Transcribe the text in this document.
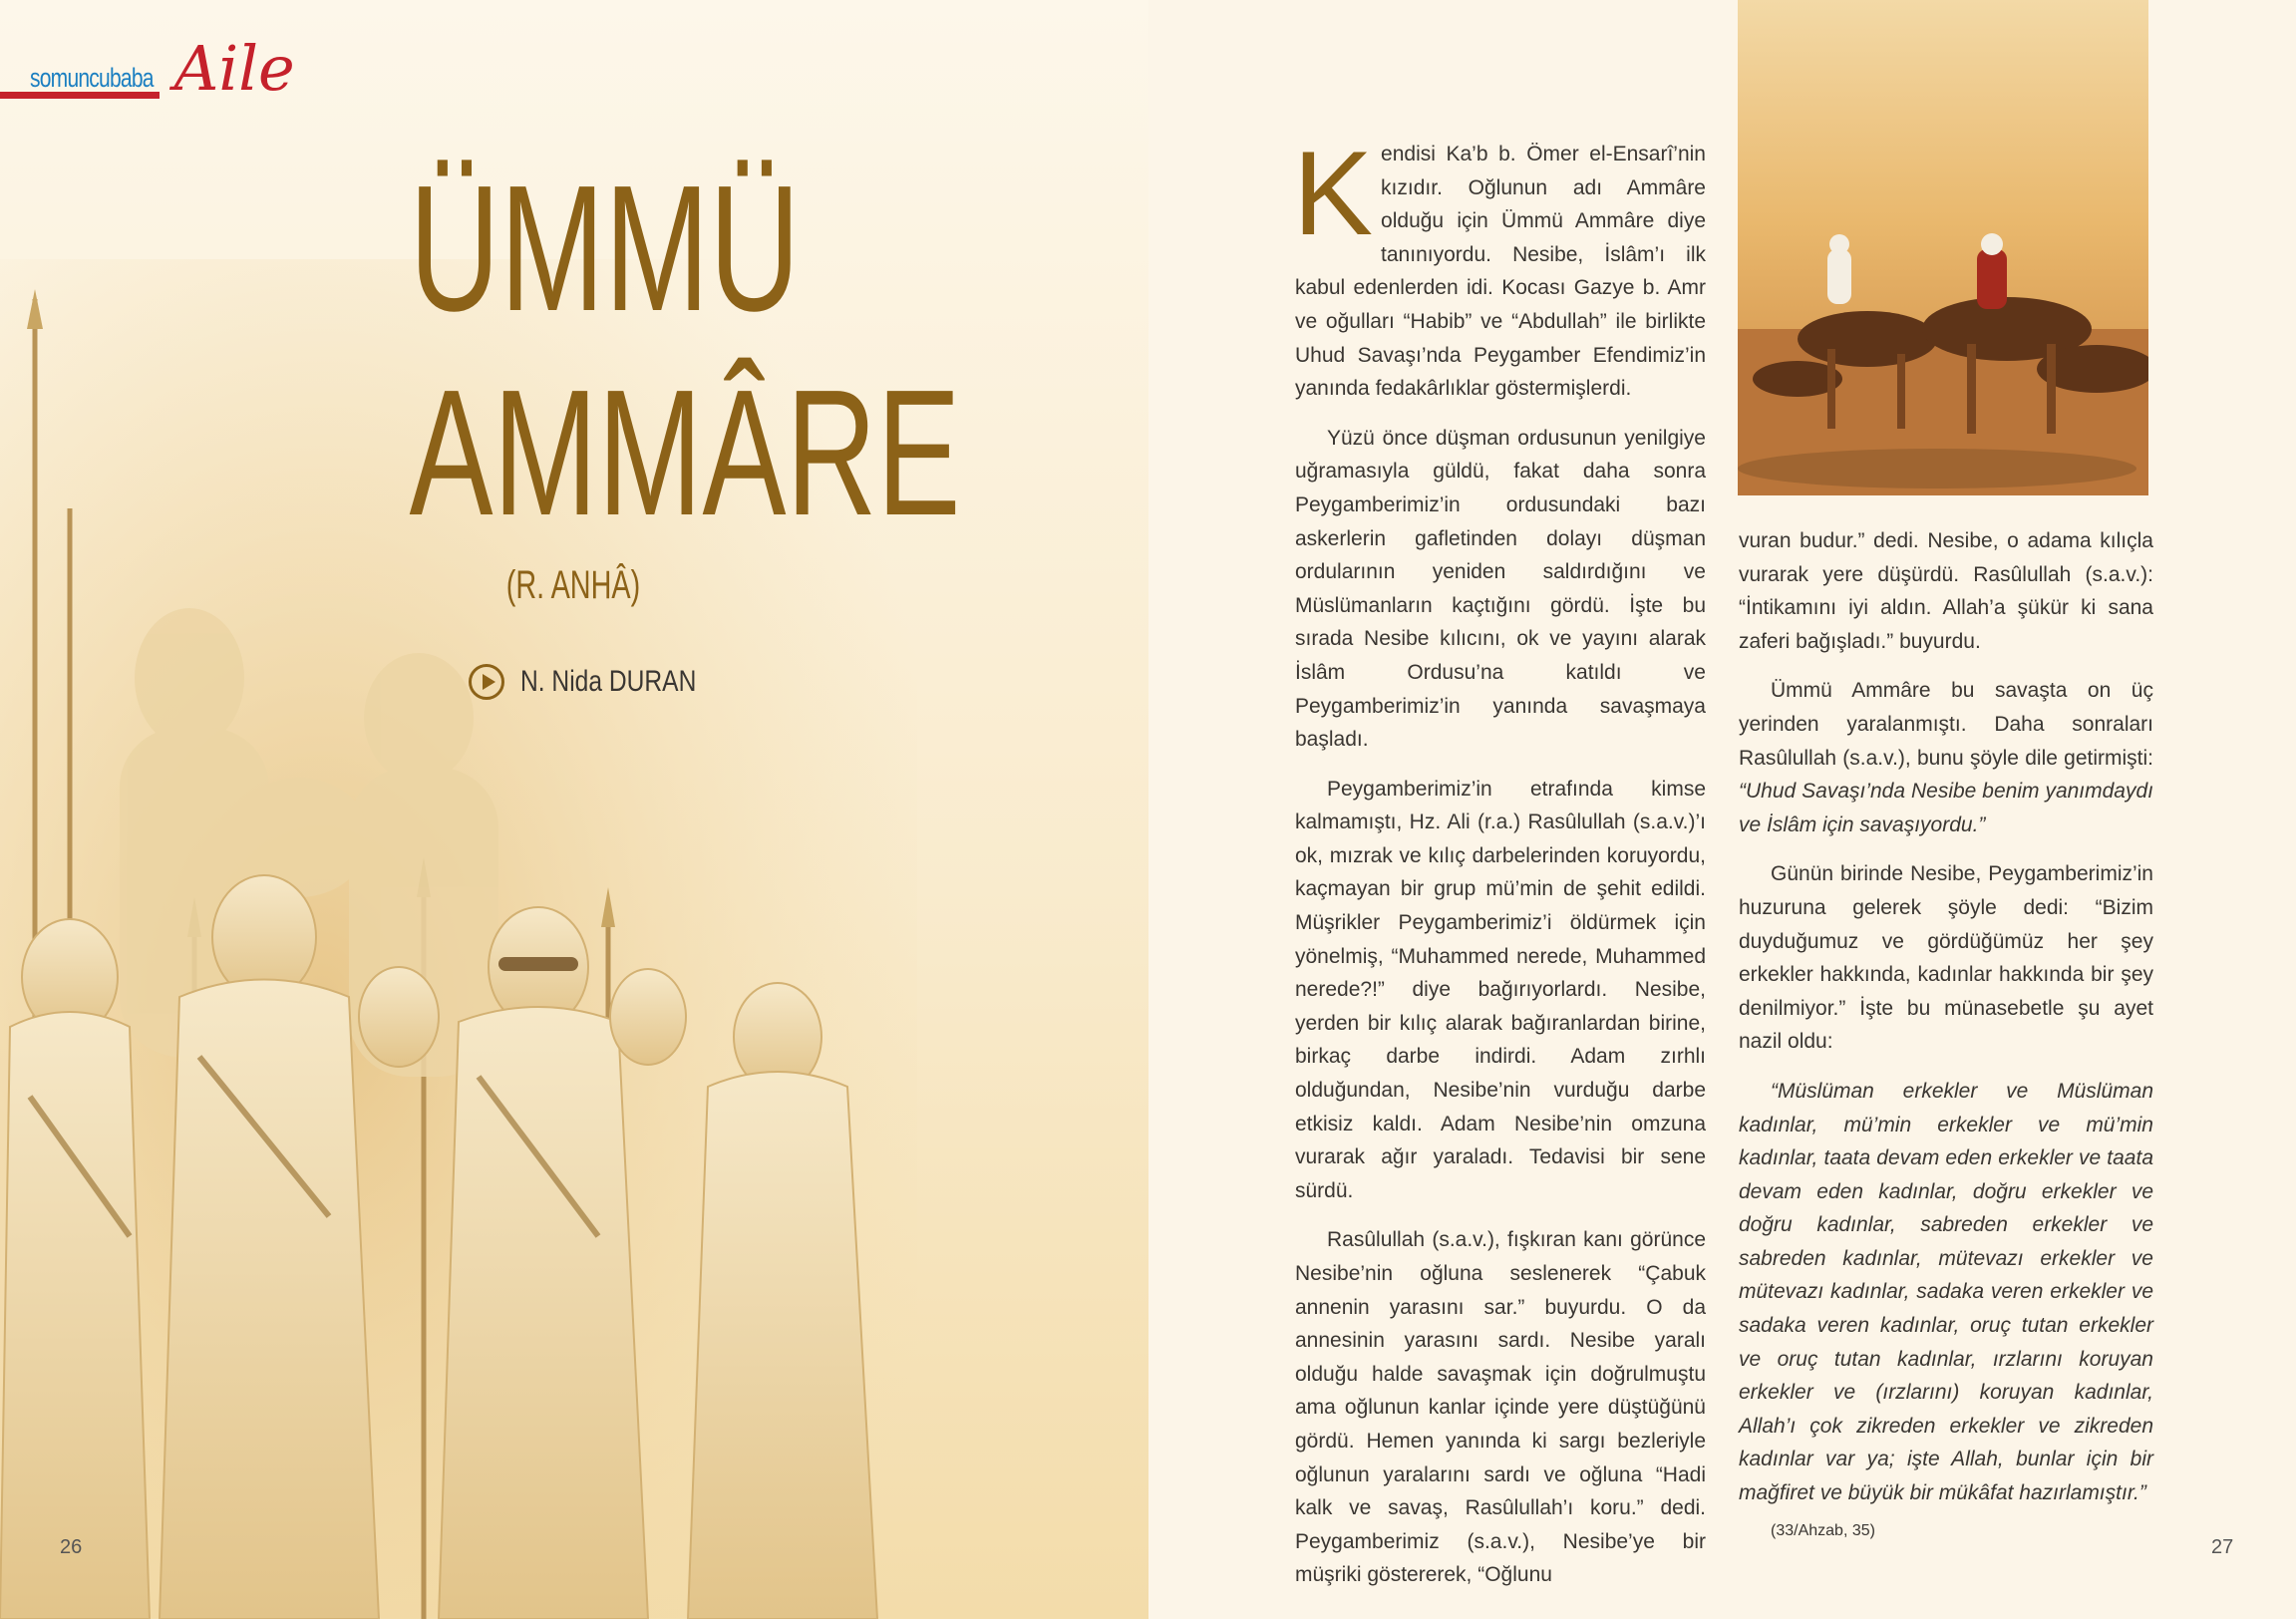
somuncubaba Aile
ÜMMÜ
AMMÂRE
(R. ANHÂ)
N. Nida DURAN
26

Kendisi Ka’b b. Ömer el-Ensarî’nin kızıdır. Oğlunun adı Ammâre olduğu için Ümmü Ammâre diye tanınıyordu. Nesibe, İslâm’ı ilk kabul edenlerden idi. Kocası Gazye b. Amr ve oğulları “Habib” ve “Abdullah” ile birlikte Uhud Savaşı’nda Peygamber Efendimiz’in yanında fedakârlıklar göstermişlerdi.

Yüzü önce düşman ordusunun yenilgiye uğramasıyla güldü, fakat daha sonra Peygamberimiz’in ordusundaki bazı askerlerin gafletinden dolayı düşman ordularının yeniden saldırdığını ve Müslümanların kaçtığını gördü. İşte bu sırada Nesibe kılıcını, ok ve yayını alarak İslâm Ordusu’na katıldı ve Peygamberimiz’in yanında savaşmaya başladı.

Peygamberimiz’in etrafında kimse kalmamıştı, Hz. Ali (r.a.) Rasûlullah (s.a.v.)’ı ok, mızrak ve kılıç darbelerinden koruyordu, kaçmayan bir grup mü’min de şehit edildi. Müşrikler Peygamberimiz’i öldürmek için yönelmiş, “Muhammed nerede, Muhammed nerede?!” diye bağırıyorlardı. Nesibe, yerden bir kılıç alarak bağıranlardan birine, birkaç darbe indirdi. Adam zırhlı olduğundan, Nesibe’nin vurduğu darbe etkisiz kaldı. Adam Nesibe’nin omzuna vurarak ağır yaraladı. Tedavisi bir sene sürdü.

Rasûlullah (s.a.v.), fışkıran kanı görünce Nesibe’nin oğluna seslenerek “Çabuk annenin yarasını sar.” buyurdu. O da annesinin yarasını sardı. Nesibe yaralı olduğu halde savaşmak için doğrulmuştu ama oğlunun kanlar içinde yere düştüğünü gördü. Hemen yanında ki sargı bezleriyle oğlunun yaralarını sardı ve oğluna “Hadi kalk ve savaş, Rasûlullah’ı koru.” dedi. Peygamberimiz (s.a.v.), Nesibe’ye bir müşriki göstererek, “Oğlunu

vuran budur.” dedi. Nesibe, o adama kılıçla vurarak yere düşürdü. Rasûlullah (s.a.v.): “İntikamını iyi aldın. Allah’a şükür ki sana zaferi bağışladı.” buyurdu.

Ümmü Ammâre bu savaşta on üç yerinden yaralanmıştı. Daha sonraları Rasûlullah (s.a.v.), bunu şöyle dile getirmişti: “Uhud Savaşı’nda Nesibe benim yanımdaydı ve İslâm için savaşıyordu.”

Günün birinde Nesibe, Peygamberimiz’in huzuruna gelerek şöyle dedi: “Bizim duyduğumuz ve gördüğümüz her şey erkekler hakkında, kadınlar hakkında bir şey denilmiyor.” İşte bu münasebetle şu ayet nazil oldu:

“Müslüman erkekler ve Müslüman kadınlar, mü’min erkekler ve mü’min kadınlar, taata devam eden erkekler ve taata devam eden kadınlar, doğru erkekler ve doğru kadınlar, sabreden erkekler ve sabreden kadınlar, mütevazı erkekler ve mütevazı kadınlar, sadaka veren erkekler ve sadaka veren kadınlar, oruç tutan erkekler ve oruç tutan kadınlar, ırzlarını koruyan erkekler ve (ırzlarını) koruyan kadınlar, Allah’ı çok zikreden erkekler ve zikreden kadınlar var ya; işte Allah, bunlar için bir mağfiret ve büyük bir mükâfat hazırlamıştır.”
(33/Ahzab, 35)

27
